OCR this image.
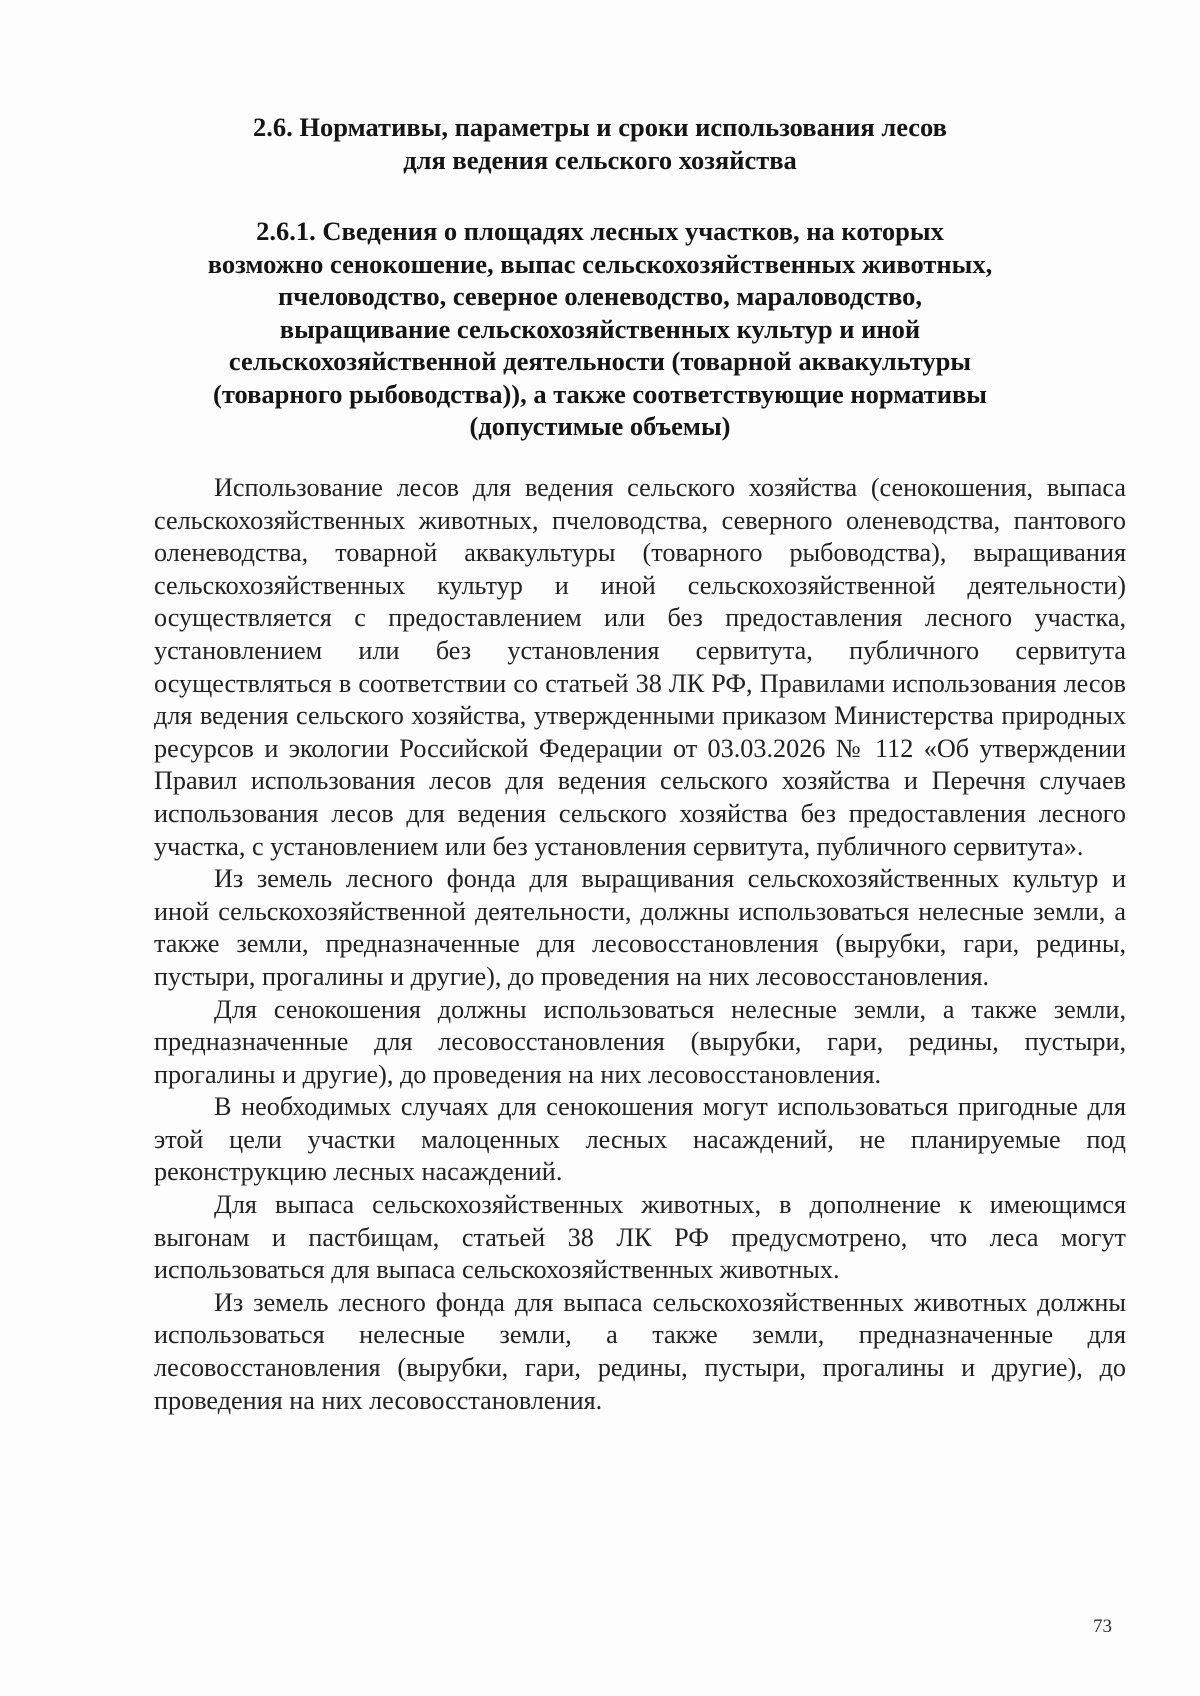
2.6. Нормативы, параметры и сроки использования лесов
для ведения сельского хозяйства
2.6.1. Сведения о площадях лесных участков, на которых
возможно сенокошение, выпас сельскохозяйственных животных,
пчеловодство, северное оленеводство, мараловодство,
выращивание сельскохозяйственных культур и иной
сельскохозяйственной деятельности (товарной аквакультуры
(товарного рыбоводства)), а также соответствующие нормативы
(допустимые объемы)

Использование лесов для ведения сельского хозяйства (сенокошения, выпаса сельскохозяйственных животных, пчеловодства, северного оленеводства, пантового оленеводства, товарной аквакультуры (товарного рыбоводства), выращивания сельскохозяйственных культур и иной сельскохозяйственной деятельности) осуществляется с предоставлением или без предоставления лесного участка, установлением или без установления сервитута, публичного сервитута осуществляться в соответствии со статьей 38 ЛК РФ, Правилами использования лесов для ведения сельского хозяйства, утвержденными приказом Министерства природных ресурсов и экологии Российской Федерации от 03.03.2026 № 112 «Об утверждении Правил использования лесов для ведения сельского хозяйства и Перечня случаев использования лесов для ведения сельского хозяйства без предоставления лесного участка, с установлением или без установления сервитута, публичного сервитута».

Из земель лесного фонда для выращивания сельскохозяйственных культур и иной сельскохозяйственной деятельности, должны использоваться нелесные земли, а также земли, предназначенные для лесовосстановления (вырубки, гари, редины, пустыри, прогалины и другие), до проведения на них лесовосстановления.

Для сенокошения должны использоваться нелесные земли, а также земли, предназначенные для лесовосстановления (вырубки, гари, редины, пустыри, прогалины и другие), до проведения на них лесовосстановления.

В необходимых случаях для сенокошения могут использоваться пригодные для этой цели участки малоценных лесных насаждений, не планируемые под реконструкцию лесных насаждений.

Для выпаса сельскохозяйственных животных, в дополнение к имеющимся выгонам и пастбищам, статьей 38 ЛК РФ предусмотрено, что леса могут использоваться для выпаса сельскохозяйственных животных.

Из земель лесного фонда для выпаса сельскохозяйственных животных должны использоваться нелесные земли, а также земли, предназначенные для лесовосстановления (вырубки, гари, редины, пустыри, прогалины и другие), до проведения на них лесовосстановления.

73
